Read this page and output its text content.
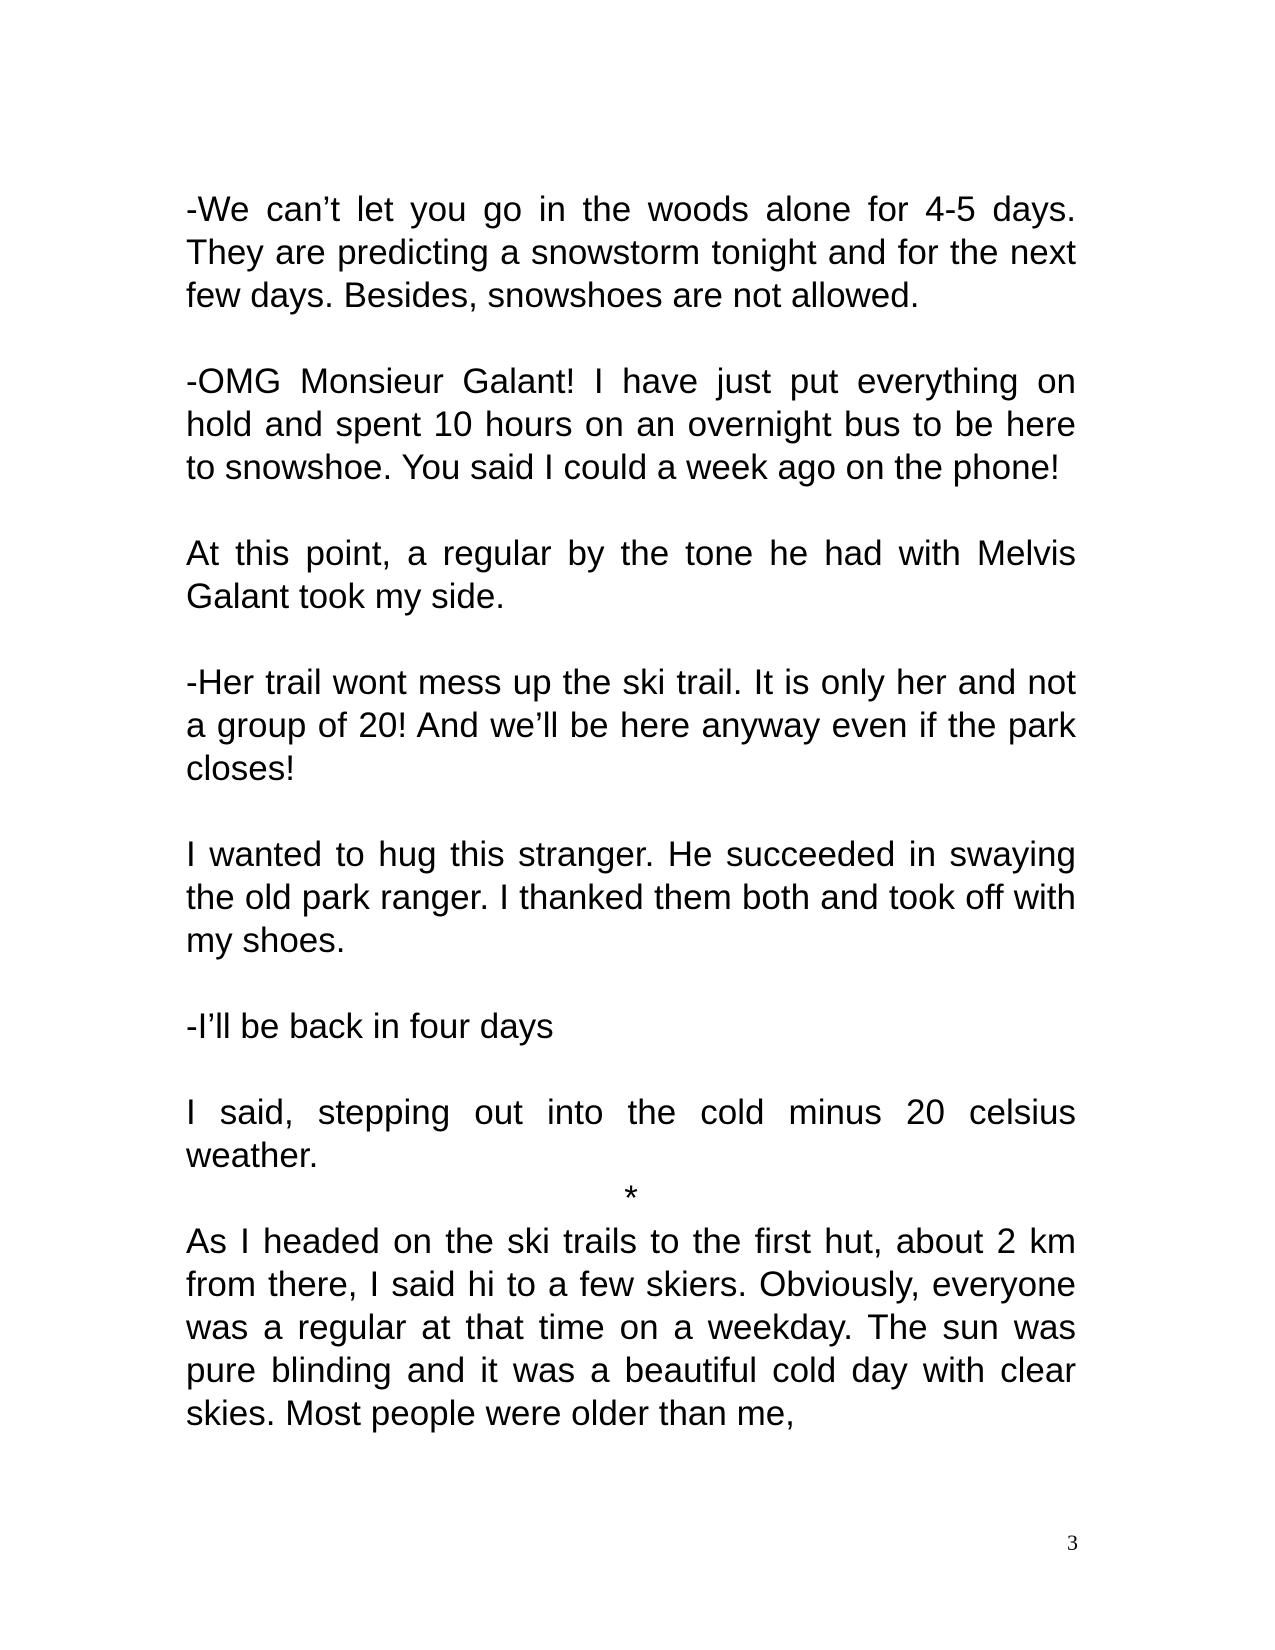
-We can’t let you go in the woods alone for 4-5 days. They are predicting a snowstorm tonight and for the next few days. Besides, snowshoes are not allowed.

-OMG Monsieur Galant! I have just put everything on hold and spent 10 hours on an overnight bus to be here to snowshoe. You said I could a week ago on the phone!

At this point, a regular by the tone he had with Melvis Galant took my side.

-Her trail wont mess up the ski trail. It is only her and not a group of 20! And we’ll be here anyway even if the park closes!

I wanted to hug this stranger. He succeeded in swaying the old park ranger. I thanked them both and took off with my shoes.

-I’ll be back in four days

I said, stepping out into the cold minus 20 celsius weather.

*

As I headed on the ski trails to the first hut, about 2 km from there, I said hi to a few skiers. Obviously, everyone was a regular at that time on a weekday. The sun was pure blinding and it was a beautiful cold day with clear skies. Most people were older than me,

3
